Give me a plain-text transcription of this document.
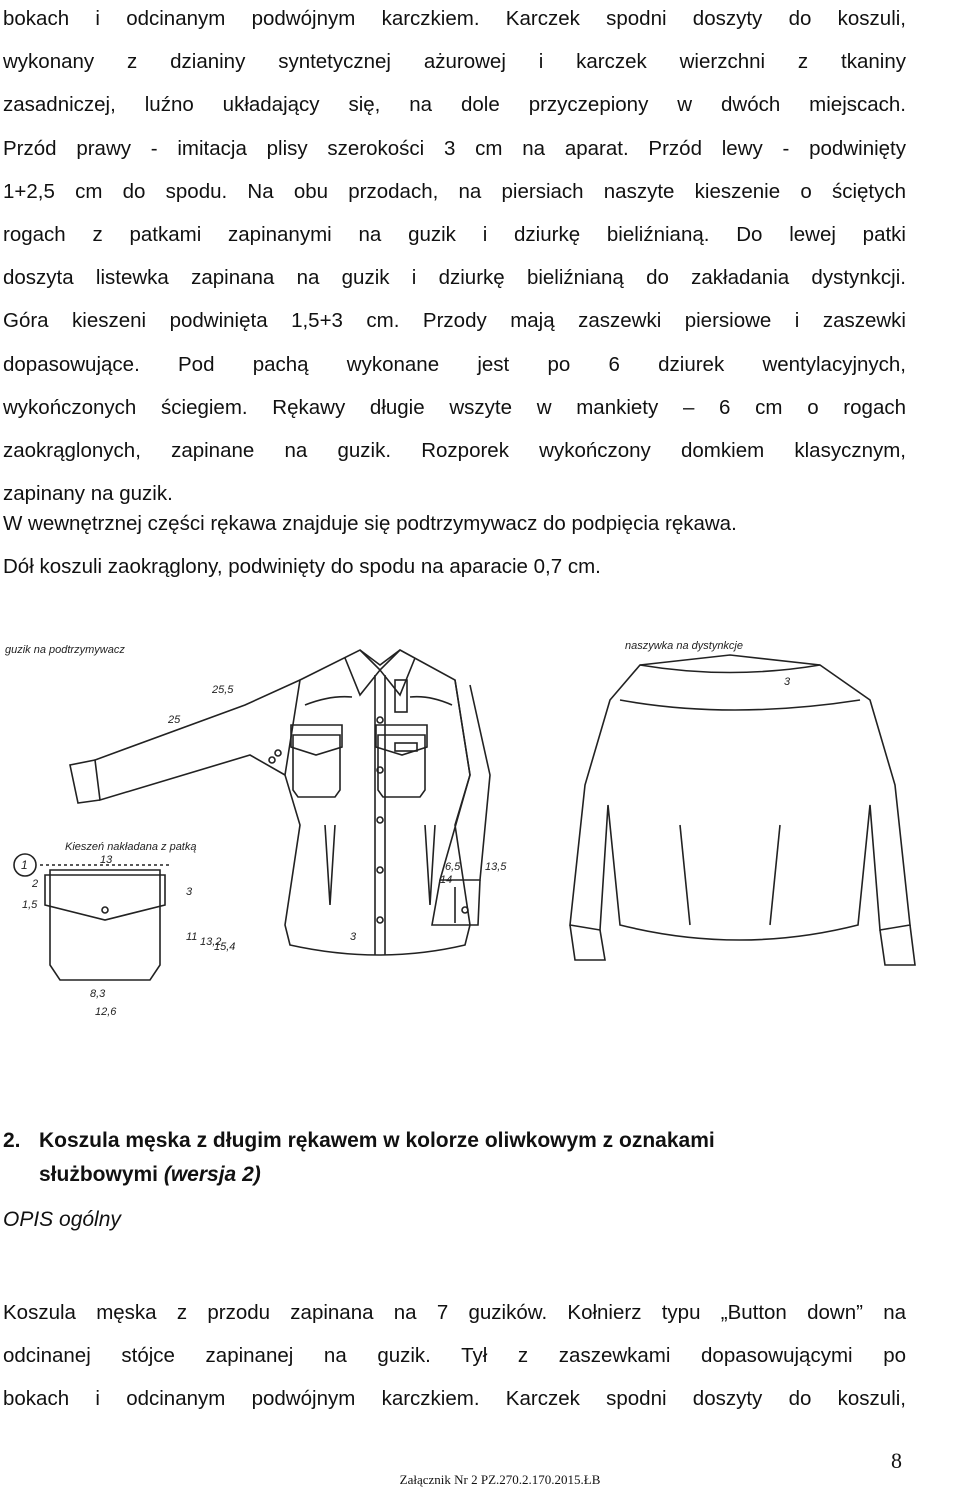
bokach i odcinanym podwójnym karczkiem. Karczek spodni doszyty do koszuli,
wykonany z dzianiny syntetycznej ażurowej i karczek wierzchni z tkaniny
zasadniczej, luźno układający się, na dole przyczepiony w dwóch miejscach.
Przód prawy - imitacja plisy szerokości 3 cm na aparat. Przód lewy - podwinięty
1+2,5 cm do spodu. Na obu przodach, na piersiach naszyte kieszenie o ściętych
rogach z patkami zapinanymi na guzik i dziurkę bieliźnianą. Do lewej patki
doszyta listewka zapinana na guzik i dziurkę bieliźnianą do zakładania dystynkcji.
Góra kieszeni podwinięta 1,5+3 cm. Przody mają zaszewki piersiowe i zaszewki
dopasowujące. Pod pachą wykonane jest po 6 dziurek wentylacyjnych,
wykończonych ściegiem. Rękawy długie wszyte w mankiety – 6 cm o rogach
zaokrąglonych, zapinane na guzik. Rozporek wykończony domkiem klasycznym,
zapinany na guzik.
W wewnętrznej części rękawa znajduje się podtrzymywacz do podpięcia rękawa.
Dół koszuli zaokrąglony, podwinięty do spodu na aparacie 0,7 cm.
naszywka na dystynkcje
guzik na podtrzymywacz
Kieszeń nakładana z patką
25
25,5
3
14
13
8,3
12,6
3
11 13,2
15,4
6,5 13,5
1,5
2
1
3
2. Koszula męska z długim rękawem w kolorze oliwkowym z oznakami
służbowymi (wersja 2)
OPIS ogólny
Koszula męska z przodu zapinana na 7 guzików. Kołnierz typu „Button down” na
odcinanej stójce zapinanej na guzik. Tył z zaszewkami dopasowującymi po
bokach i odcinanym podwójnym karczkiem. Karczek spodni doszyty do koszuli,
8
Załącznik Nr 2 PZ.270.2.170.2015.ŁB
